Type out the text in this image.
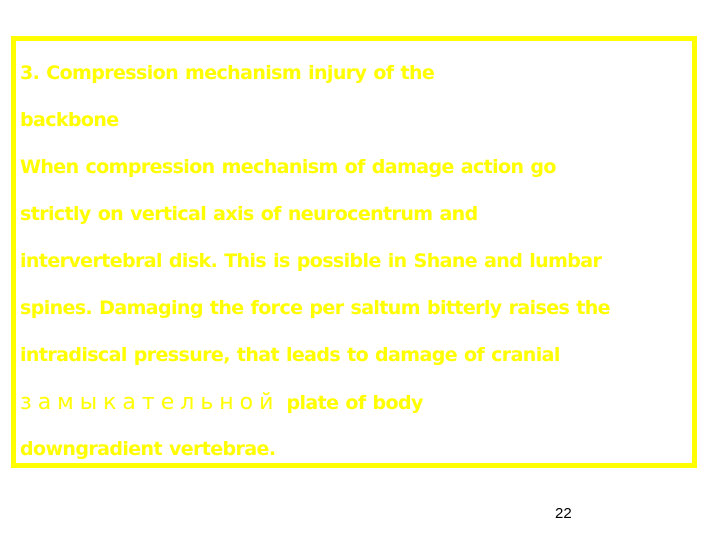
3. Compression mechanism injury of the
backbone
When compression mechanism of damage action go
strictly on vertical axis of neurocentrum and
intervertebral disk. This is possible in Shane and lumbar
spines. Damaging the force per saltum bitterly raises the
intradiscal pressure, that leads to damage of cranial
замыкательной plate of body
downgradient vertebrae.
22
